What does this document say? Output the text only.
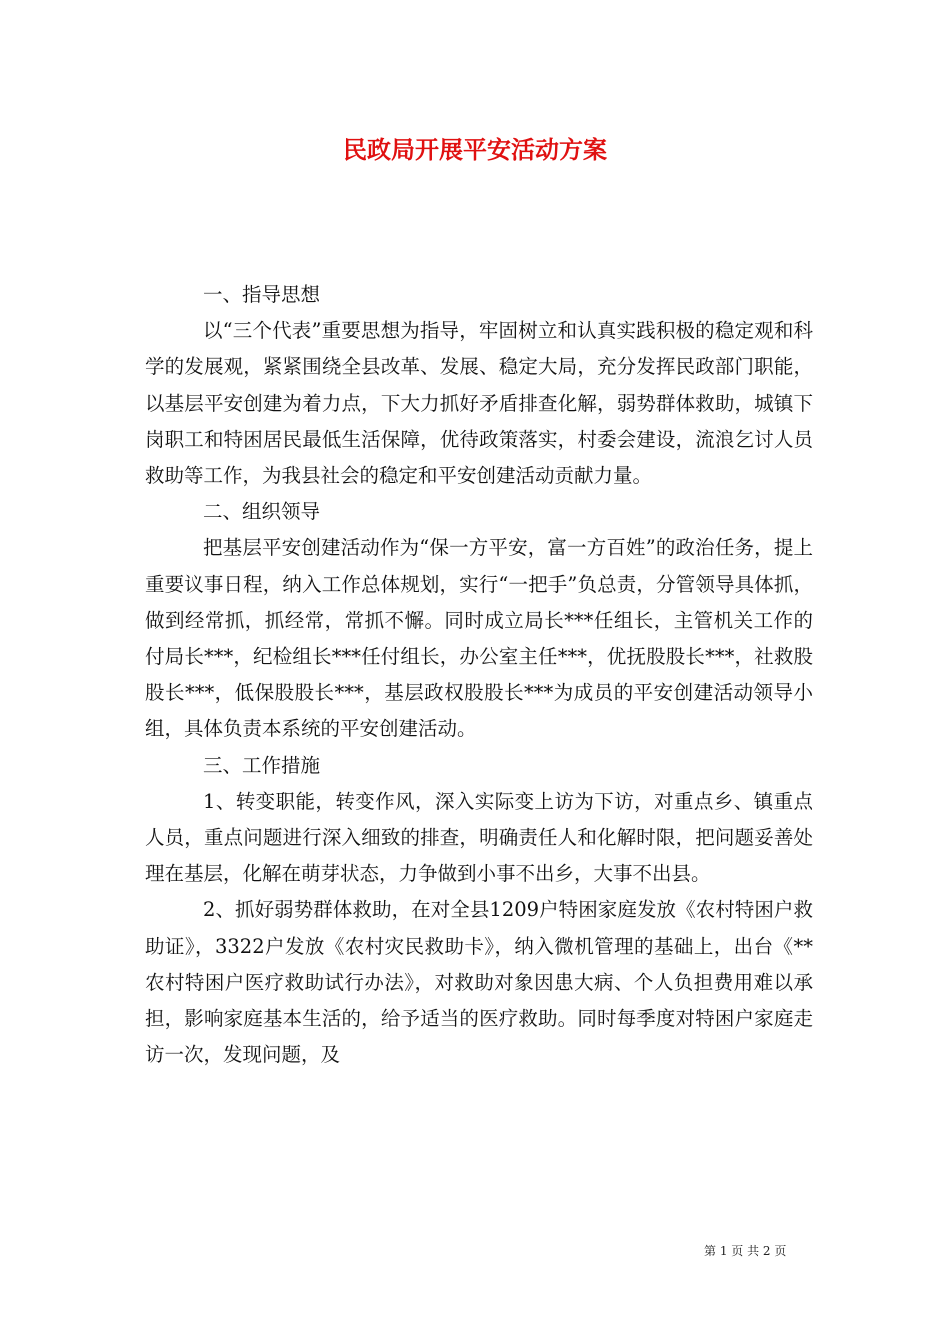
民政局开展平安活动方案

一、指导思想

以“三个代表”重要思想为指导，牢固树立和认真实践积极的稳定观和科学的发展观，紧紧围绕全县改革、发展、稳定大局，充分发挥民政部门职能，以基层平安创建为着力点，下大力抓好矛盾排查化解，弱势群体救助，城镇下岗职工和特困居民最低生活保障，优待政策落实，村委会建设，流浪乞讨人员救助等工作，为我县社会的稳定和平安创建活动贡献力量。

二、组织领导

把基层平安创建活动作为“保一方平安，富一方百姓”的政治任务，提上重要议事日程，纳入工作总体规划，实行“一把手”负总责，分管领导具体抓，做到经常抓，抓经常，常抓不懈。同时成立局长***任组长，主管机关工作的付局长***，纪检组长***任付组长，办公室主任***，优抚股股长***，社救股股长***，低保股股长***，基层政权股股长***为成员的平安创建活动领导小组，具体负责本系统的平安创建活动。

三、工作措施

1、转变职能，转变作风，深入实际变上访为下访，对重点乡、镇重点人员，重点问题进行深入细致的排查，明确责任人和化解时限，把问题妥善处理在基层，化解在萌芽状态，力争做到小事不出乡，大事不出县。

2、抓好弱势群体救助，在对全县1209户特困家庭发放《农村特困户救助证》，3322户发放《农村灾民救助卡》，纳入微机管理的基础上，出台《**农村特困户医疗救助试行办法》，对救助对象因患大病、个人负担费用难以承担，影响家庭基本生活的，给予适当的医疗救助。同时每季度对特困户家庭走访一次，发现问题，及

第 1 页 共 2 页
